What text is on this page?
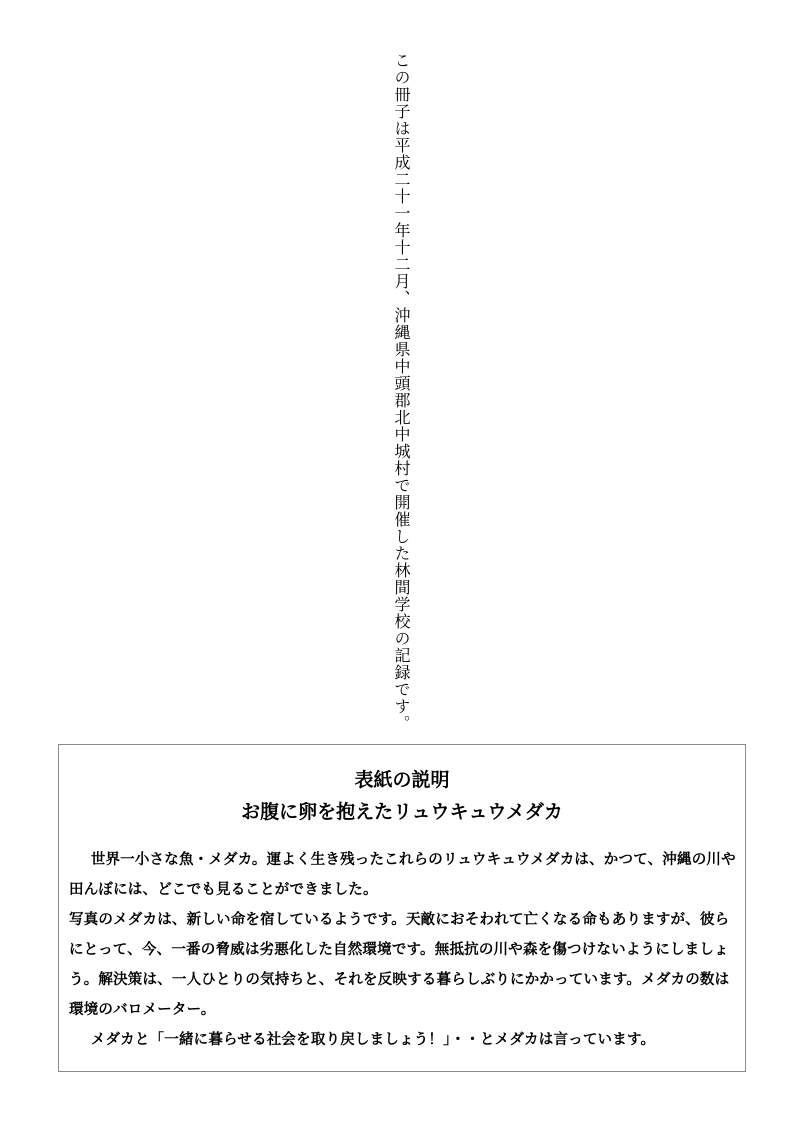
この冊子は平成二十一年十二月、沖縄県中頭郡北中城村で開催した林間学校の記録です。
表紙の説明
お腹に卵を抱えたリュウキュウメダカ

世界一小さな魚・メダカ。運よく生き残ったこれらのリュウキュウメダカは、かつて、沖縄の川や田んぼには、どこでも見ることができました。

写真のメダカは、新しい命を宿しているようです。天敵におそわれて亡くなる命もありますが、彼らにとって、今、一番の脅威は劣悪化した自然環境です。無抵抗の川や森を傷つけないようにしましょう。解決策は、一人ひとりの気持ちと、それを反映する暮らしぶりにかかっています。メダカの数は環境のバロメーター。

メダカと「一緒に暮らせる社会を取り戻しましょう！」・・とメダカは言っています。
